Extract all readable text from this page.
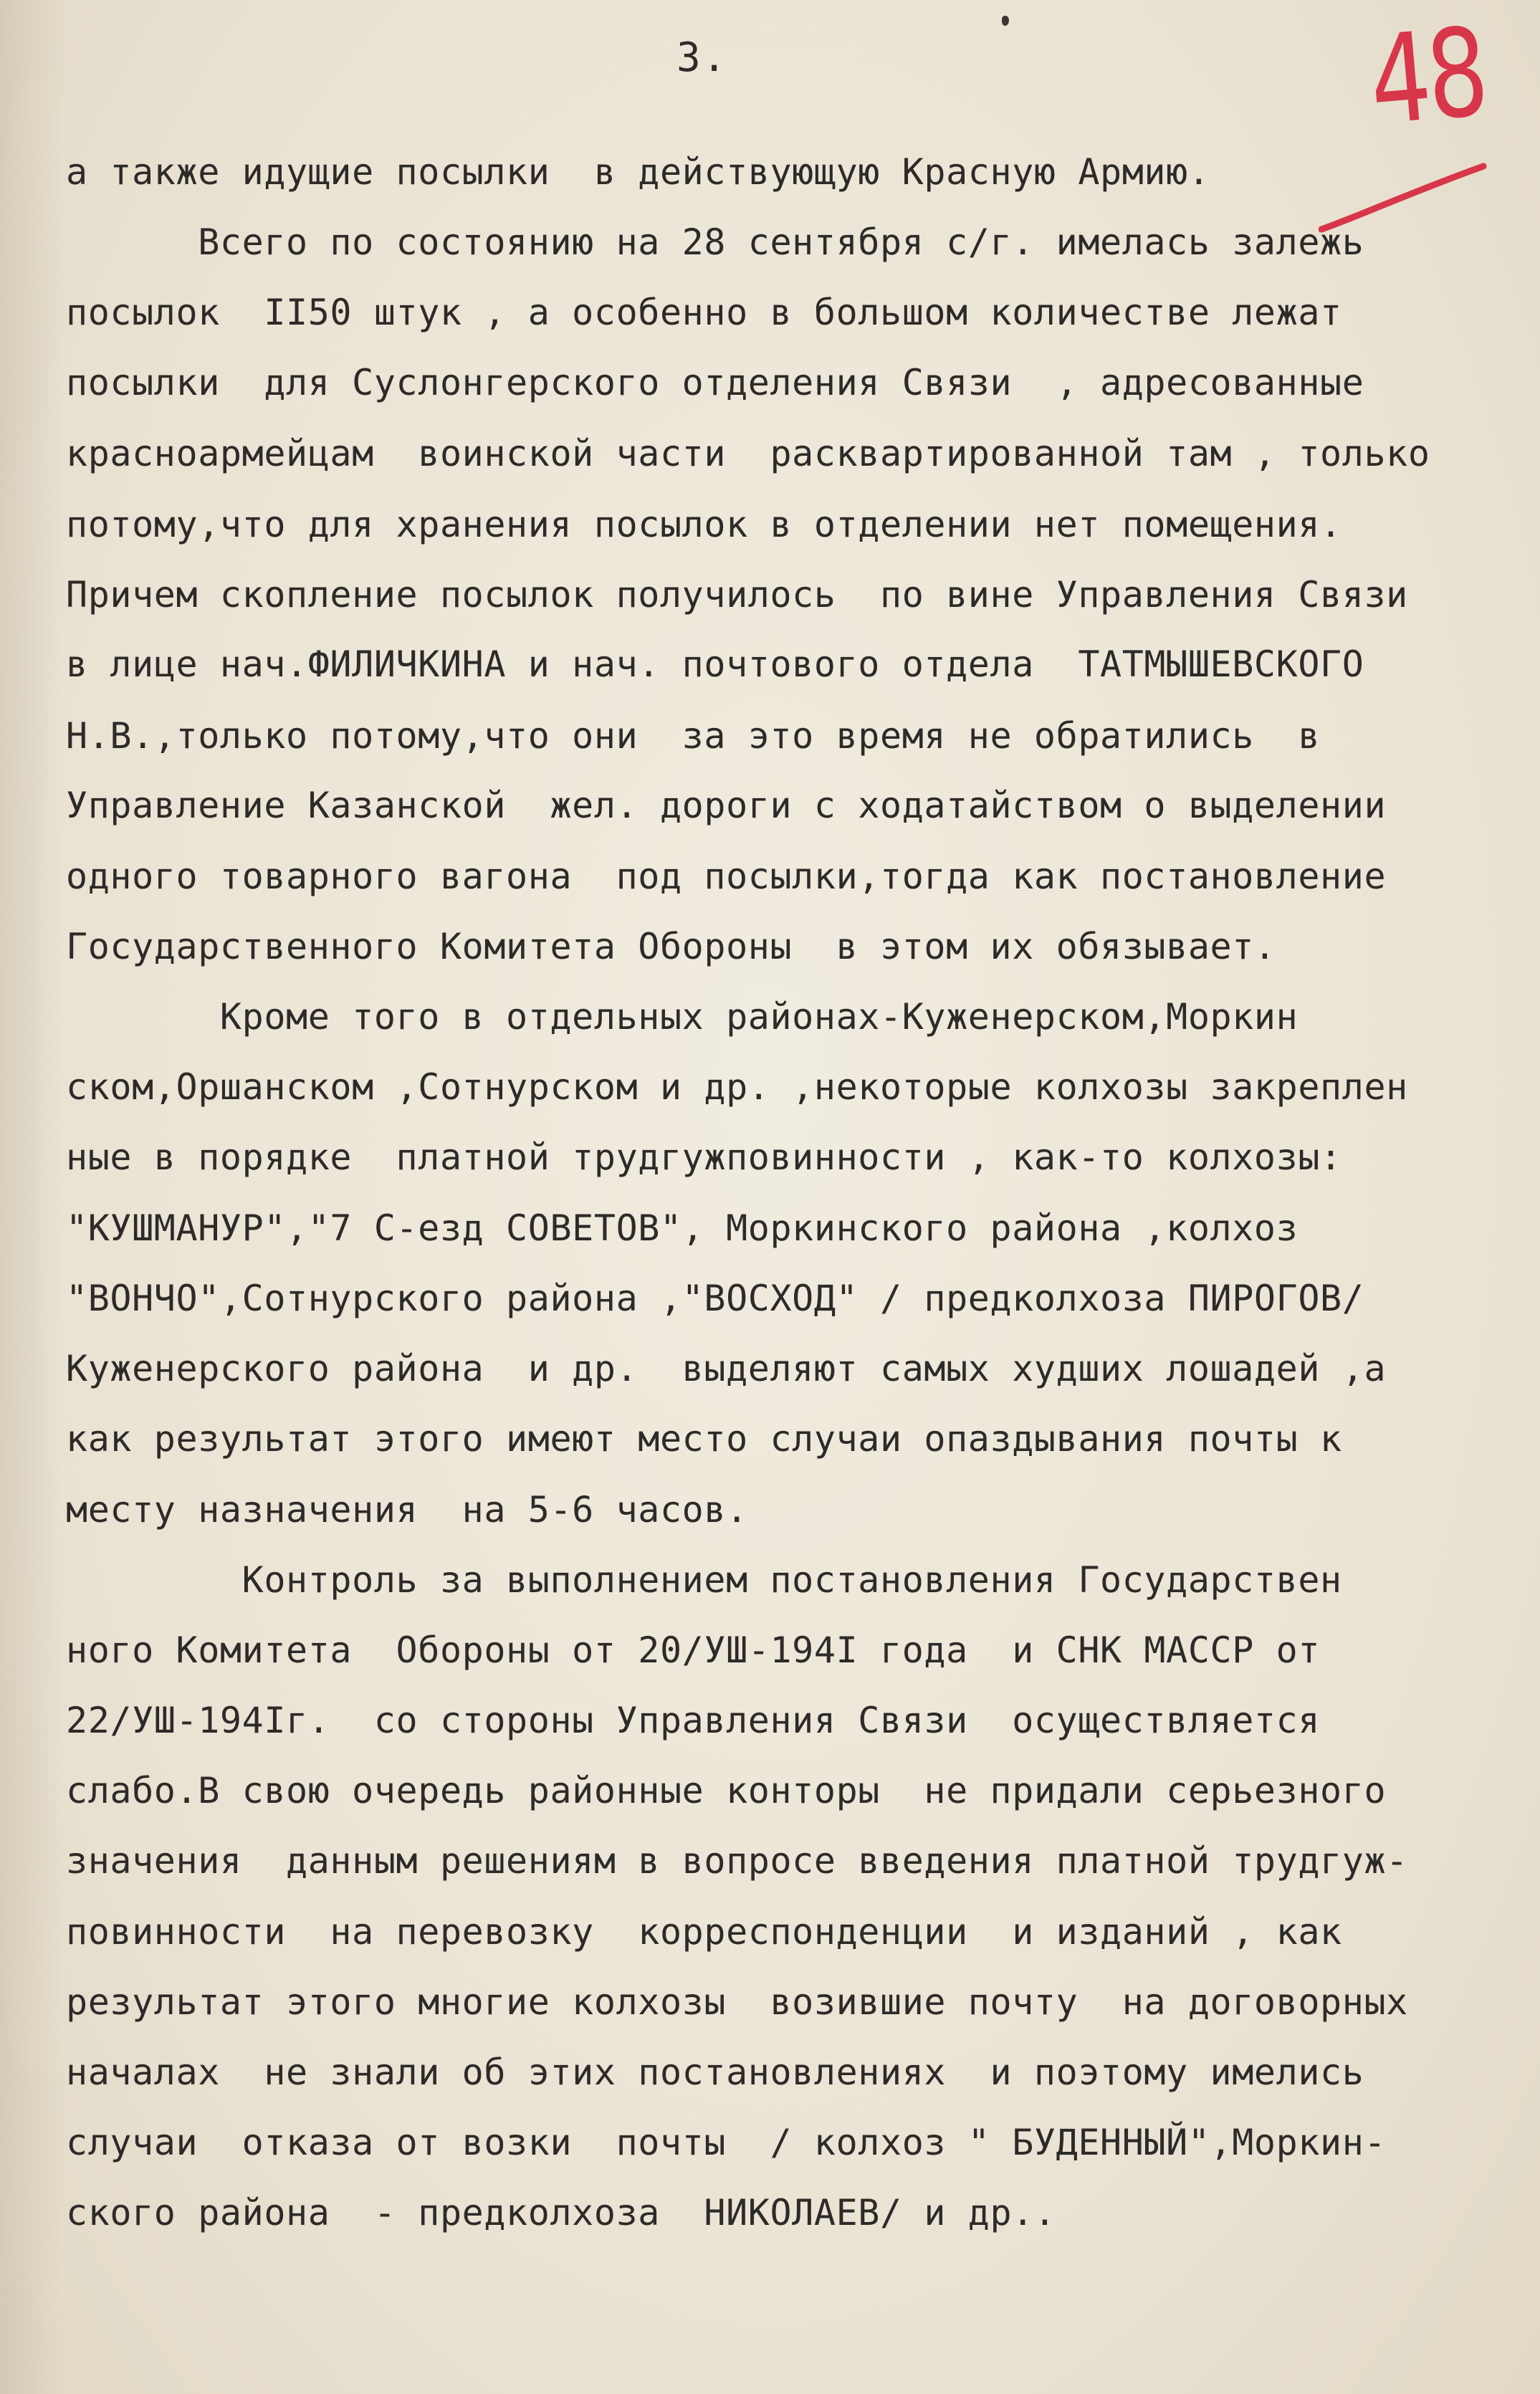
3.	48
а также идущие посылки  в действующую Красную Армию.
Всего по состоянию на 28 сентября с/г. имелась залежь
посылок  II50 штук , а особенно в большом количестве лежат
посылки  для Суслонгерского отделения Связи  , адресованные
красноармейцам  воинской части  расквартированной там , только
потому,что для хранения посылок в отделении нет помещения.
Причем скопление посылок получилось  по вине Управления Связи
в лице нач.ФИЛИЧКИНА и нач. почтового отдела  ТАТМЫШЕВСКОГО
Н.В.,только потому,что они  за это время не обратились  в
Управление Казанской  жел. дороги с ходатайством о выделении
одного товарного вагона  под посылки,тогда как постановление
Государственного Комитета Обороны  в этом их обязывает.
Кроме того в отдельных районах-Куженерском,Моркин
ском,Оршанском ,Сотнурском и др. ,некоторые колхозы закреплен
ные в порядке  платной трудгужповинности , как-то колхозы:
"КУШМАНУР","7 С-езд СОВЕТОВ", Моркинского района ,колхоз
"ВОНЧО",Сотнурского района ,"ВОСХОД" / предколхоза ПИРОГОВ/
Куженерского района  и др.  выделяют самых худших лошадей ,а
как результат этого имеют место случаи опаздывания почты к
месту назначения  на 5-6 часов.
Контроль за выполнением постановления Государствен
ного Комитета  Обороны от 20/УШ-194I года  и СНК МАССР от
22/УШ-194Iг.  со стороны Управления Связи  осуществляется
слабо.В свою очередь районные конторы  не придали серьезного
значения  данным решениям в вопросе введения платной трудгуж-
повинности  на перевозку  корреспонденции  и изданий , как
результат этого многие колхозы  возившие почту  на договорных
началах  не знали об этих постановлениях  и поэтому имелись
случаи  отказа от возки  почты  / колхоз " БУДЕННЫЙ",Моркин-
ского района  - предколхоза  НИКОЛАЕВ/ и др..
